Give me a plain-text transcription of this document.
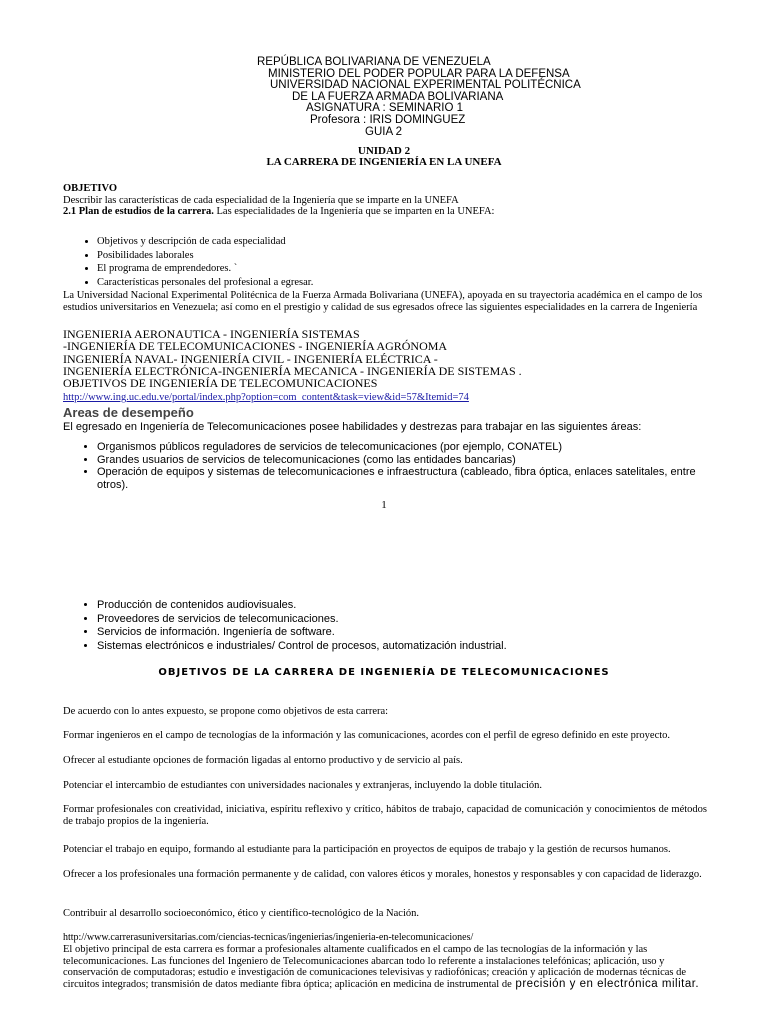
REPÚBLICA BOLIVARIANA DE VENEZUELA
MINISTERIO DEL PODER POPULAR PARA LA DEFENSA
UNIVERSIDAD NACIONAL EXPERIMENTAL POLITÉCNICA
DE LA FUERZA ARMADA BOLIVARIANA
ASIGNATURA : SEMINARIO 1
Profesora : IRIS DOMINGUEZ
GUIA 2
UNIDAD 2
LA CARRERA DE INGENIERÍA EN LA UNEFA
OBJETIVO
Describir las características de cada especialidad de la Ingeniería que se imparte en la UNEFA
2.1 Plan de estudios de la carrera. Las especialidades de la Ingeniería que se imparten en la UNEFA:
• Objetivos y descripción de cada especialidad
• Posibilidades laborales
• El programa de emprendedores. `
• Características personales del profesional a egresar.
La Universidad Nacional Experimental Politécnica de la Fuerza Armada Bolivariana (UNEFA), apoyada en su trayectoria académica en el campo de los estudios universitarios en Venezuela; así como en el prestigio y calidad de sus egresados ofrece las siguientes especialidades en la carrera de Ingeniería
INGENIERIA AERONAUTICA - INGENIERÍA SISTEMAS
-INGENIERÍA DE TELECOMUNICACIONES - INGENIERÍA AGRÓNOMA
INGENIERÍA NAVAL- INGENIERÍA CIVIL - INGENIERÍA ELÉCTRICA -
INGENIERÍA ELECTRÓNICA-INGENIERÍA MECANICA - INGENIERÍA DE SISTEMAS .
OBJETIVOS DE INGENIERÍA DE TELECOMUNICACIONES
http://www.ing.uc.edu.ve/portal/index.php?option=com_content&task=view&id=57&Itemid=74
Areas de desempeño
El egresado en Ingeniería de Telecomunicaciones posee habilidades y destrezas para trabajar en las siguientes áreas:
• Organismos públicos reguladores de servicios de telecomunicaciones (por ejemplo, CONATEL)
• Grandes usuarios de servicios de telecomunicaciones (como las entidades bancarias)
• Operación de equipos y sistemas de telecomunicaciones e infraestructura (cableado, fibra óptica, enlaces satelitales, entre otros).
1
• Producción de contenidos audiovisuales.
• Proveedores de servicios de telecomunicaciones.
• Servicios de información. Ingeniería de software.
• Sistemas electrónicos e industriales/ Control de procesos, automatización industrial.
OBJETIVOS DE LA CARRERA DE INGENIERÍA DE TELECOMUNICACIONES

De acuerdo con lo antes expuesto, se propone como objetivos de esta carrera:

Formar ingenieros en el campo de tecnologías de la información y las comunicaciones, acordes con el perfil de egreso definido en este proyecto.

Ofrecer al estudiante opciones de formación ligadas al entorno productivo y de servicio al país.

Potenciar el intercambio de estudiantes con universidades nacionales y extranjeras, incluyendo la doble titulación.

Formar profesionales con creatividad, iniciativa, espíritu reflexivo y crítico, hábitos de trabajo, capacidad de comunicación y conocimientos de métodos de trabajo propios de la ingeniería.

Potenciar el trabajo en equipo, formando al estudiante para la participación en proyectos de equipos de trabajo y la gestión de recursos humanos.

Ofrecer a los profesionales una formación permanente y de calidad, con valores éticos y morales, honestos y responsables y con capacidad de liderazgo.

Contribuir al desarrollo socioeconómico, ético y científico-tecnológico de la Nación.

http://www.carrerasuniversitarias.com/ciencias-tecnicas/ingenierias/ingenieria-en-telecomunicaciones/
El objetivo principal de esta carrera es formar a profesionales altamente cualificados en el campo de las tecnologías de la información y las telecomunicaciones. Las funciones del Ingeniero de Telecomunicaciones abarcan todo lo referente a instalaciones telefónicas; aplicación, uso y conservación de computadoras; estudio e investigación de comunicaciones televisivas y radiofónicas; creación y aplicación de modernas técnicas de circuitos integrados; transmisión de datos mediante fibra óptica; aplicación en medicina de instrumental de precisión y en electrónica militar.
